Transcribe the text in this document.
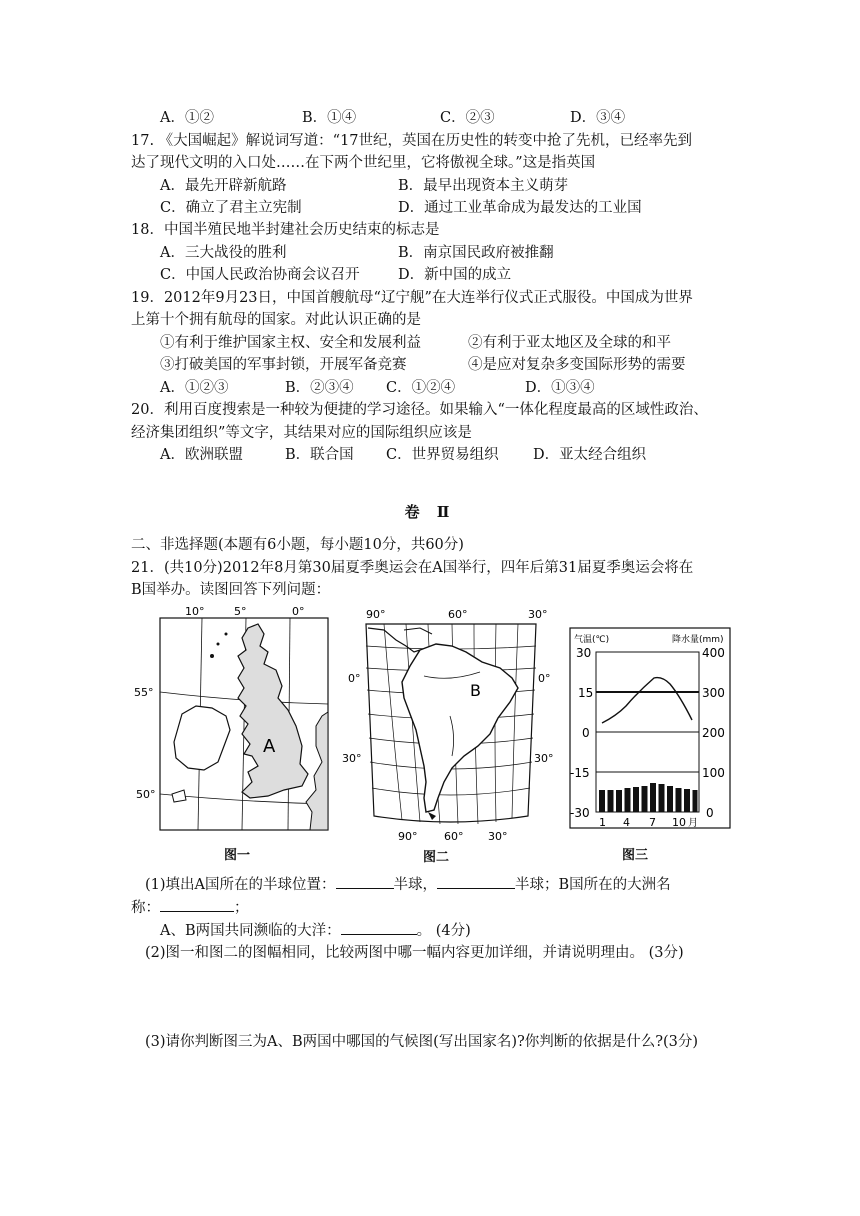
A．①②	B．①④	C．②③	D．③④
17. 《大国崛起》解说词写道：“17世纪，英国在历史性的转变中抢了先机，已经率先到
达了现代文明的入口处……在下两个世纪里，它将傲视全球。”这是指英国
A．最先开辟新航路	B．最早出现资本主义萌芽
C．确立了君主立宪制	D．通过工业革命成为最发达的工业国
18．中国半殖民地半封建社会历史结束的标志是
A．三大战役的胜利	B．南京国民政府被推翻
C．中国人民政治协商会议召开	D．新中国的成立
19．2012年9月23日，中国首艘航母“辽宁舰”在大连举行仪式正式服役。中国成为世界
上第十个拥有航母的国家。对此认识正确的是
①有利于维护国家主权、安全和发展利益	②有利于亚太地区及全球的和平
③打破美国的军事封锁，开展军备竞赛	④是应对复杂多变国际形势的需要
A．①②③	B．②③④ C．①②④	D．①③④
20．利用百度搜索是一种较为便捷的学习途径。如果输入“一体化程度最高的区域性政治、
经济集团组织”等文字，其结果对应的国际组织应该是
A．欧洲联盟	B．联合国 C．世界贸易组织 D．亚太经合组织
卷 Ⅱ
二、非选择题(本题有6小题，每小题10分，共60分)
21．(共10分)2012年8月第30届夏季奥运会在A国举行，四年后第31届夏季奥运会将在
B国举办。读图回答下列问题：
10°	5°	0°
55°
50°
A
图一
90°	60°	30°
90° 60° 30°
0°
30°
0°
30°
B
图二
气温(℃)	降水量(mm)
30
15
0
-15
-30
400
300
200
100
0
1 4 7 10 月
图三
(1)填出A国所在的半球位置：	半球，	半球；B国所在的大洲名
称：	；
A、B两国共同濒临的大洋：	。 (4分)
(2)图一和图二的图幅相同，比较两图中哪一幅内容更加详细，并请说明理由。 (3分)
(3)请你判断图三为A、B两国中哪国的气候图(写出国家名)?你判断的依据是什么?(3分)
